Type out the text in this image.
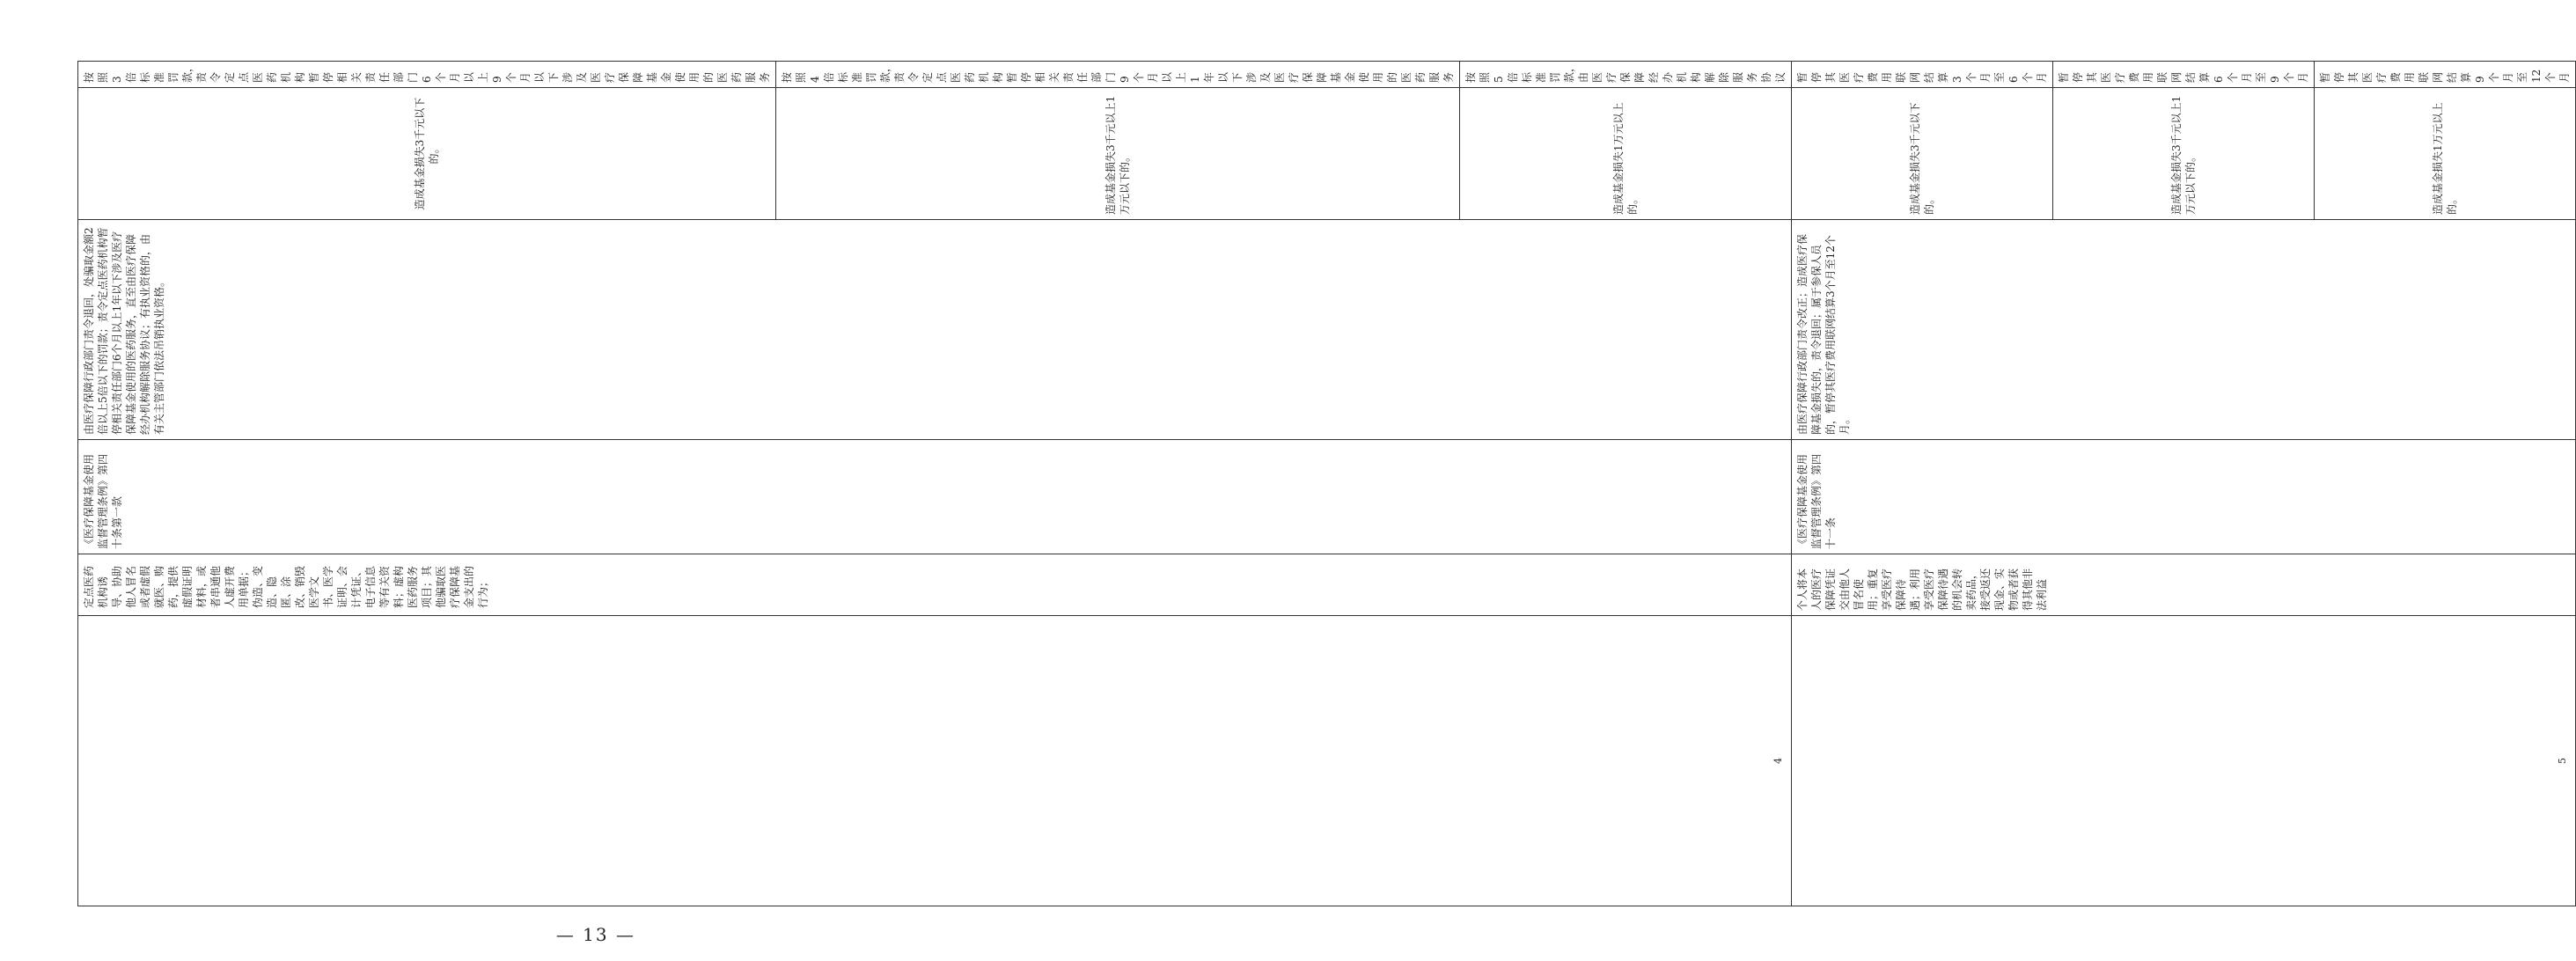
4	定点医药机构诱导、协助他人冒名或者虚假就医、购药，提供虚假证明材料，或者串通他人虚开费用单据；伪造、变造、隐匿、涂改、销毁医学文书、医学证明、会计凭证、电子信息等有关资料；虚构医药服务项目；其他骗取医疗保障基金支出的行为；	《医疗保障基金使用监督管理条例》第四十条第一款	由医疗保障行政部门责令退回，处骗取金额2倍以上5倍以下的罚款；责令定点医药机构暂停相关责任部门6个月以上1年以下涉及医疗保障基金使用的医药服务，直至由医疗保障经办机构解除服务协议；有执业资格的，由有关主管部门依法吊销执业资格。	造成基金损失3千元以下的。	按照3倍标准罚款，责令定点医药机构暂停相关责任部门6个月以上9个月以下涉及医疗保障基金使用的医药服务
				造成基金损失3千元以上1万元以下的。	按照4倍标准罚款，责令定点医药机构暂停相关责任部门9个月以上1年以下涉及医疗保障基金使用的医药服务
				造成基金损失1万元以上的。	按照5倍标准罚款，由医疗保障经办机构解除服务协议
5	个人将本人的医疗保障凭证交由他人冒名使用；重复享受医疗保障待遇；利用享受医疗保障待遇的机会转卖药品，接受返还现金、实物或者获得其他非法利益	《医疗保障基金使用监督管理条例》第四十一条	由医疗保障行政部门责令改正；造成医疗保障基金损失的，责令退回；属于参保人员的，暂停其医疗费用联网结算3个月至12个月。	造成基金损失3千元以下的。	暂停其医疗费用联网结算3个月至6个月
				造成基金损失3千元以上1万元以下的。	暂停其医疗费用联网结算6个月至9个月
				造成基金损失1万元以上的。	暂停其医疗费用联网结算9个月至12个月
— 13 —
